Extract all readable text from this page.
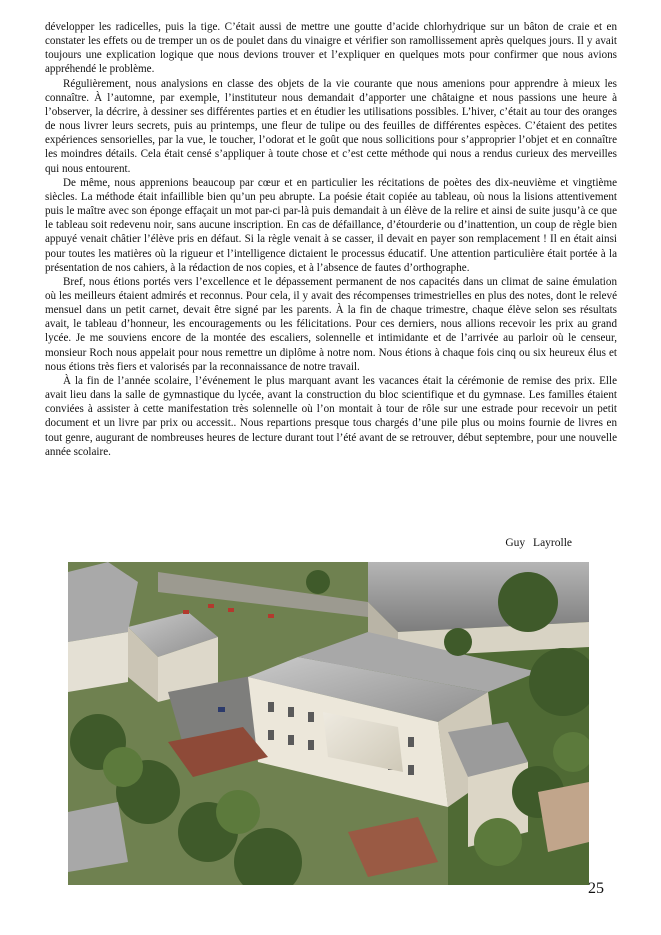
développer les radicelles, puis la tige. C’était aussi de mettre une goutte d’acide chlorhydrique sur un bâton de craie et en constater les effets ou de tremper un os de poulet dans du vinaigre et vérifier son ramollissement après quelques jours. Il y avait toujours une explication logique que nous devions trouver et l’expliquer en quelques mots pour confirmer que nous avions appréhendé le problème.

Régulièrement, nous analysions en classe des objets de la vie courante que nous amenions pour apprendre à mieux les connaître. À l’automne, par exemple, l’instituteur nous demandait d’apporter une châtaigne et nous passions une heure à l’observer, la décrire, à dessiner ses différentes parties et en étudier les utilisations possibles. L’hiver, c’était au tour des oranges de nous livrer leurs secrets, puis au printemps, une fleur de tulipe ou des feuilles de différentes espèces. C’étaient des petites expériences sensorielles, par la vue, le toucher, l’odorat et le goût que nous sollicitions pour s’approprier l’objet et en connaître les moindres détails. Cela était censé s’appliquer à toute chose et c’est cette méthode qui nous a rendus curieux des merveilles qui nous entourent.

De même, nous apprenions beaucoup par cœur et en particulier les récitations de poètes des dix-neuvième et vingtième siècles. La méthode était infaillible bien qu’un peu abrupte. La poésie était copiée au tableau, où nous la lisions attentivement puis le maître avec son éponge effaçait un mot par-ci par-là puis demandait à un élève de la relire et ainsi de suite jusqu’à ce que le tableau soit redevenu noir, sans aucune inscription. En cas de défaillance, d’étourderie ou d’inattention, un coup de règle bien appuyé venait châtier l’élève pris en défaut. Si la règle venait à se casser, il devait en payer son remplacement ! Il en était ainsi pour toutes les matières où la rigueur et l’intelligence dictaient le processus éducatif. Une attention particulière était portée à la présentation de nos cahiers, à la rédaction de nos copies, et à l’absence de fautes d’orthographe.

Bref, nous étions portés vers l’excellence et le dépassement permanent de nos capacités dans un climat de saine émulation où les meilleurs étaient admirés et reconnus. Pour cela, il y avait des récompenses trimestrielles en plus des notes, dont le relevé mensuel dans un petit carnet, devait être signé par les parents. À la fin de chaque trimestre, chaque élève selon ses résultats avait, le tableau d’honneur, les encouragements ou les félicitations. Pour ces derniers, nous allions recevoir les prix au grand lycée. Je me souviens encore de la montée des escaliers, solennelle et intimidante et de l’arrivée au parloir où le censeur, monsieur Roch nous appelait pour nous remettre un diplôme à notre nom. Nous étions à chaque fois cinq ou six heureux élus et nous étions très fiers et valorisés par la reconnaissance de notre travail.

À la fin de l’année scolaire, l’événement le plus marquant avant les vacances était la cérémonie de remise des prix. Elle avait lieu dans la salle de gymnastique du lycée, avant la construction du bloc scientifique et du gymnase. Les familles étaient conviées à assister à cette manifestation très solennelle où l’on montait à tour de rôle sur une estrade pour recevoir un petit document et un livre par prix ou accessit.. Nous repartions presque tous chargés d’une pile plus ou moins fournie de livres en tout genre, augurant de nombreuses heures de lecture durant tout l’été avant de se retrouver, début septembre, pour une nouvelle année scolaire.

Guy Layrolle
25
